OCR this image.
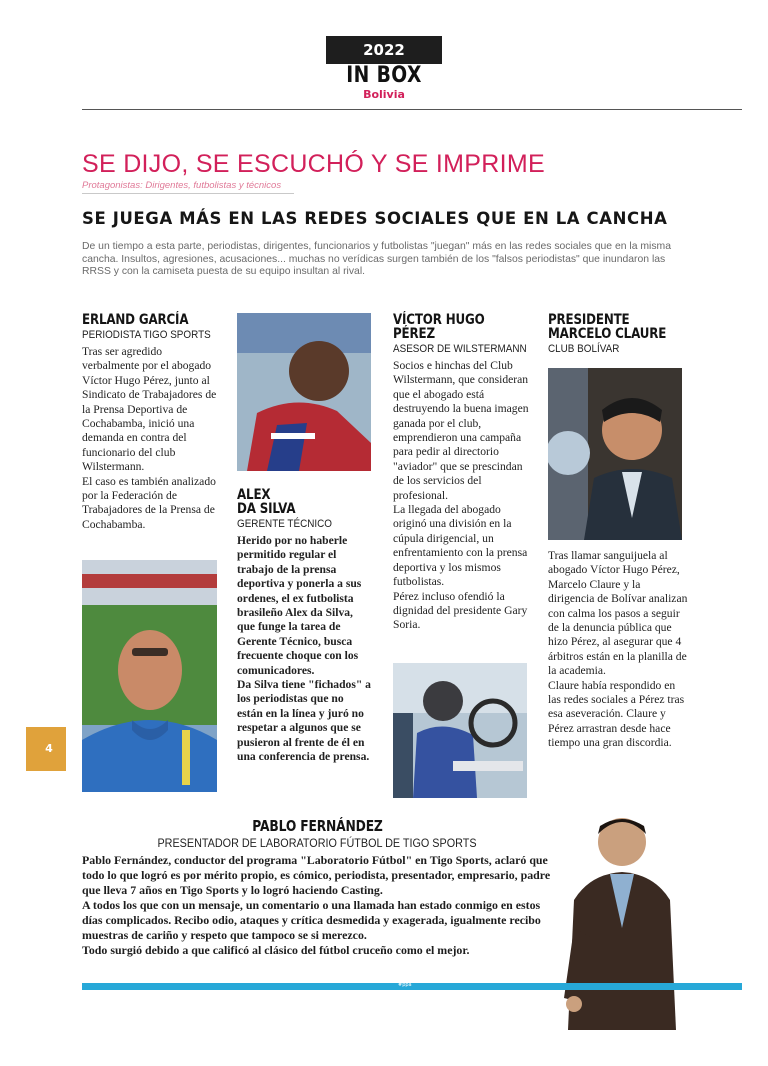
2022
IN BOX
Bolivia
SE DIJO, SE ESCUCHÓ Y SE IMPRIME
Protagonistas: Dirigentes, futbolistas y técnicos
SE JUEGA MÁS EN LAS REDES SOCIALES QUE EN LA CANCHA
De un tiempo a esta parte, periodistas, dirigentes, funcionarios y futbolistas "juegan" más en las redes sociales que en la misma cancha. Insultos, agresiones, acusaciones... muchas no verídicas surgen también de los "falsos periodistas" que inundaron las RRSS y con la camiseta puesta de su equipo insultan al rival.
ERLAND GARCÍA
PERIODISTA TIGO SPORTS

Tras ser agredido verbalmente por el abogado Víctor Hugo Pérez, junto al Sindicato de Trabajadores de la Prensa Deportiva de Cochabamba, inició una demanda en contra del funcionario del club Wilstermann.

El caso es también analizado por la Federación de Trabajadores de la Prensa de Cochabamba.

ALEX
DA SILVA
GERENTE TÉCNICO

Herido por no haberle permitido regular el trabajo de la prensa deportiva y ponerla a sus ordenes, el ex futbolista brasileño Alex da Silva, que funge la tarea de Gerente Técnico, busca frecuente choque con los comunicadores.

Da Silva tiene "fichados" a los periodistas que no están en la línea y juró no respetar a algunos que se pusieron al frente de él en una conferencia de prensa.

VÍCTOR HUGO
PÉREZ
ASESOR DE WILSTERMANN

Socios e hinchas del Club Wilstermann, que consideran que el abogado está destruyendo la buena imagen ganada por el club, emprendieron una campaña para pedir al directorio "aviador" que se prescindan de los servicios del profesional.

La llegada del abogado originó una división en la cúpula dirigencial, un enfrentamiento con la prensa deportiva y los mismos futbolistas.

Pérez incluso ofendió la dignidad del presidente Gary Soria.

PRESIDENTE
MARCELO CLAURE
CLUB BOLÍVAR

Tras llamar sanguijuela al abogado Víctor Hugo Pérez, Marcelo Claure y la dirigencia de Bolívar analizan con calma los pasos a seguir de la denuncia pública que hizo Pérez, al asegurar que 4 árbitros están en la planilla de la academia.

Claure había respondido en las redes sociales a Pérez tras esa aseveración. Claure y Pérez arrastran desde hace tiempo una gran discordia.

4
PABLO FERNÁNDEZ
PRESENTADOR DE LABORATORIO FÚTBOL DE TIGO SPORTS

Pablo Fernández, conductor del programa "Laboratorio Fútbol" en Tigo Sports, aclaró que todo lo que logró es por mérito propio, es cómico, periodista, presentador, empresario, padre que lleva 7 años en Tigo Sports y lo logró haciendo Casting.

A todos los que con un mensaje, un comentario o una llamada han estado conmigo en estos días complicados. Recibo odio, ataques y crítica desmedida y exagerada, igualmente recibo muestras de cariño y respeto que tampoco se si merezco.

Todo surgió debido a que calificó al clásico del fútbol cruceño como el mejor.

#ppa
